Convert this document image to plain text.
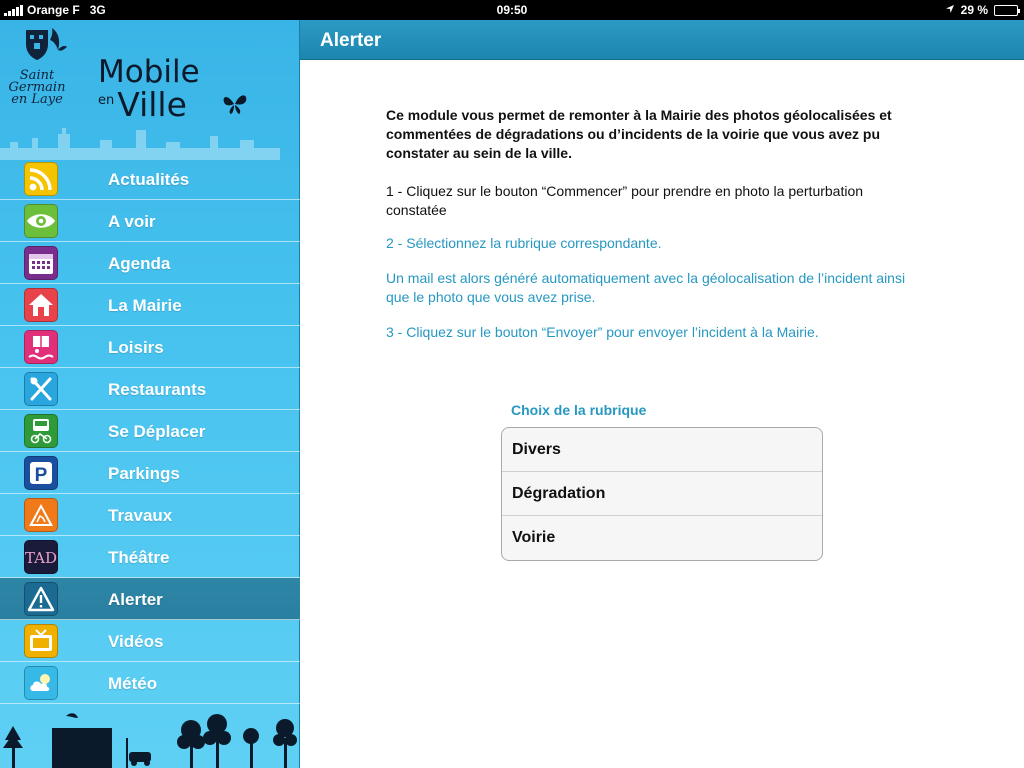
Orange F 3G	09:50	29 %
Saint
Germain
en Laye
Mobile
enVille
Actualités
A voir
Agenda
La Mairie
Loisirs
Restaurants
Se Déplacer
P	Parkings
Travaux
TAD	Théâtre
Alerter
Vidéos
Météo
Alerter

Ce module vous permet de remonter à la Mairie des photos géolocalisées et commentées de dégradations ou d’incidents de la voirie que vous avez pu constater au sein de la ville.

1 - Cliquez sur le bouton “Commencer” pour prendre en photo la perturbation constatée

2 - Sélectionnez la rubrique correspondante.

Un mail est alors généré automatiquement avec la géolocalisation de l’incident ainsi que le photo que vous avez prise.

3 - Cliquez sur le bouton “Envoyer” pour envoyer l’incident à la Mairie.

Choix de la rubrique
Divers
Dégradation
Voirie
